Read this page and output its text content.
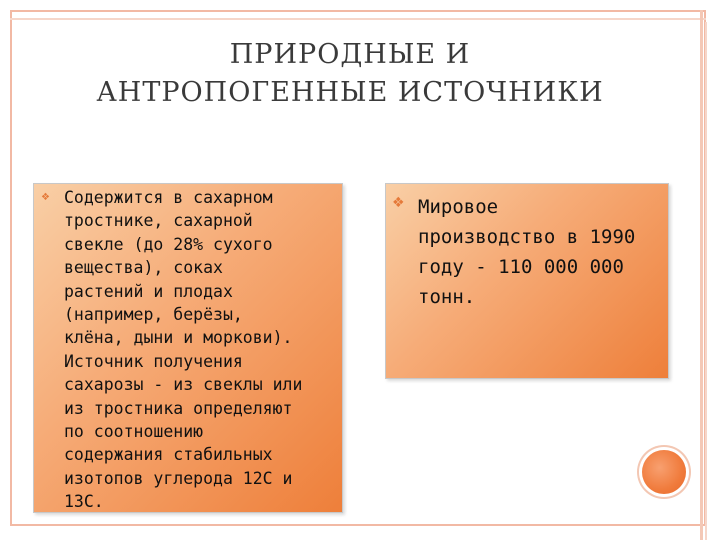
ПРИРОДНЫЕ И
АНТРОПОГЕННЫЕ ИСТОЧНИКИ
❖ Содержится в сахарном
тростнике, сахарной
свекле (до 28% сухого
вещества), соках
растений и плодах
(например, берёзы,
клёна, дыни и моркови).
Источник получения
сахарозы - из свеклы или
из тростника определяют
по соотношению
содержания стабильных
изотопов углерода 12С и
13С.
❖ Мировое
производство в 1990
году - 110 000 000
тонн.
